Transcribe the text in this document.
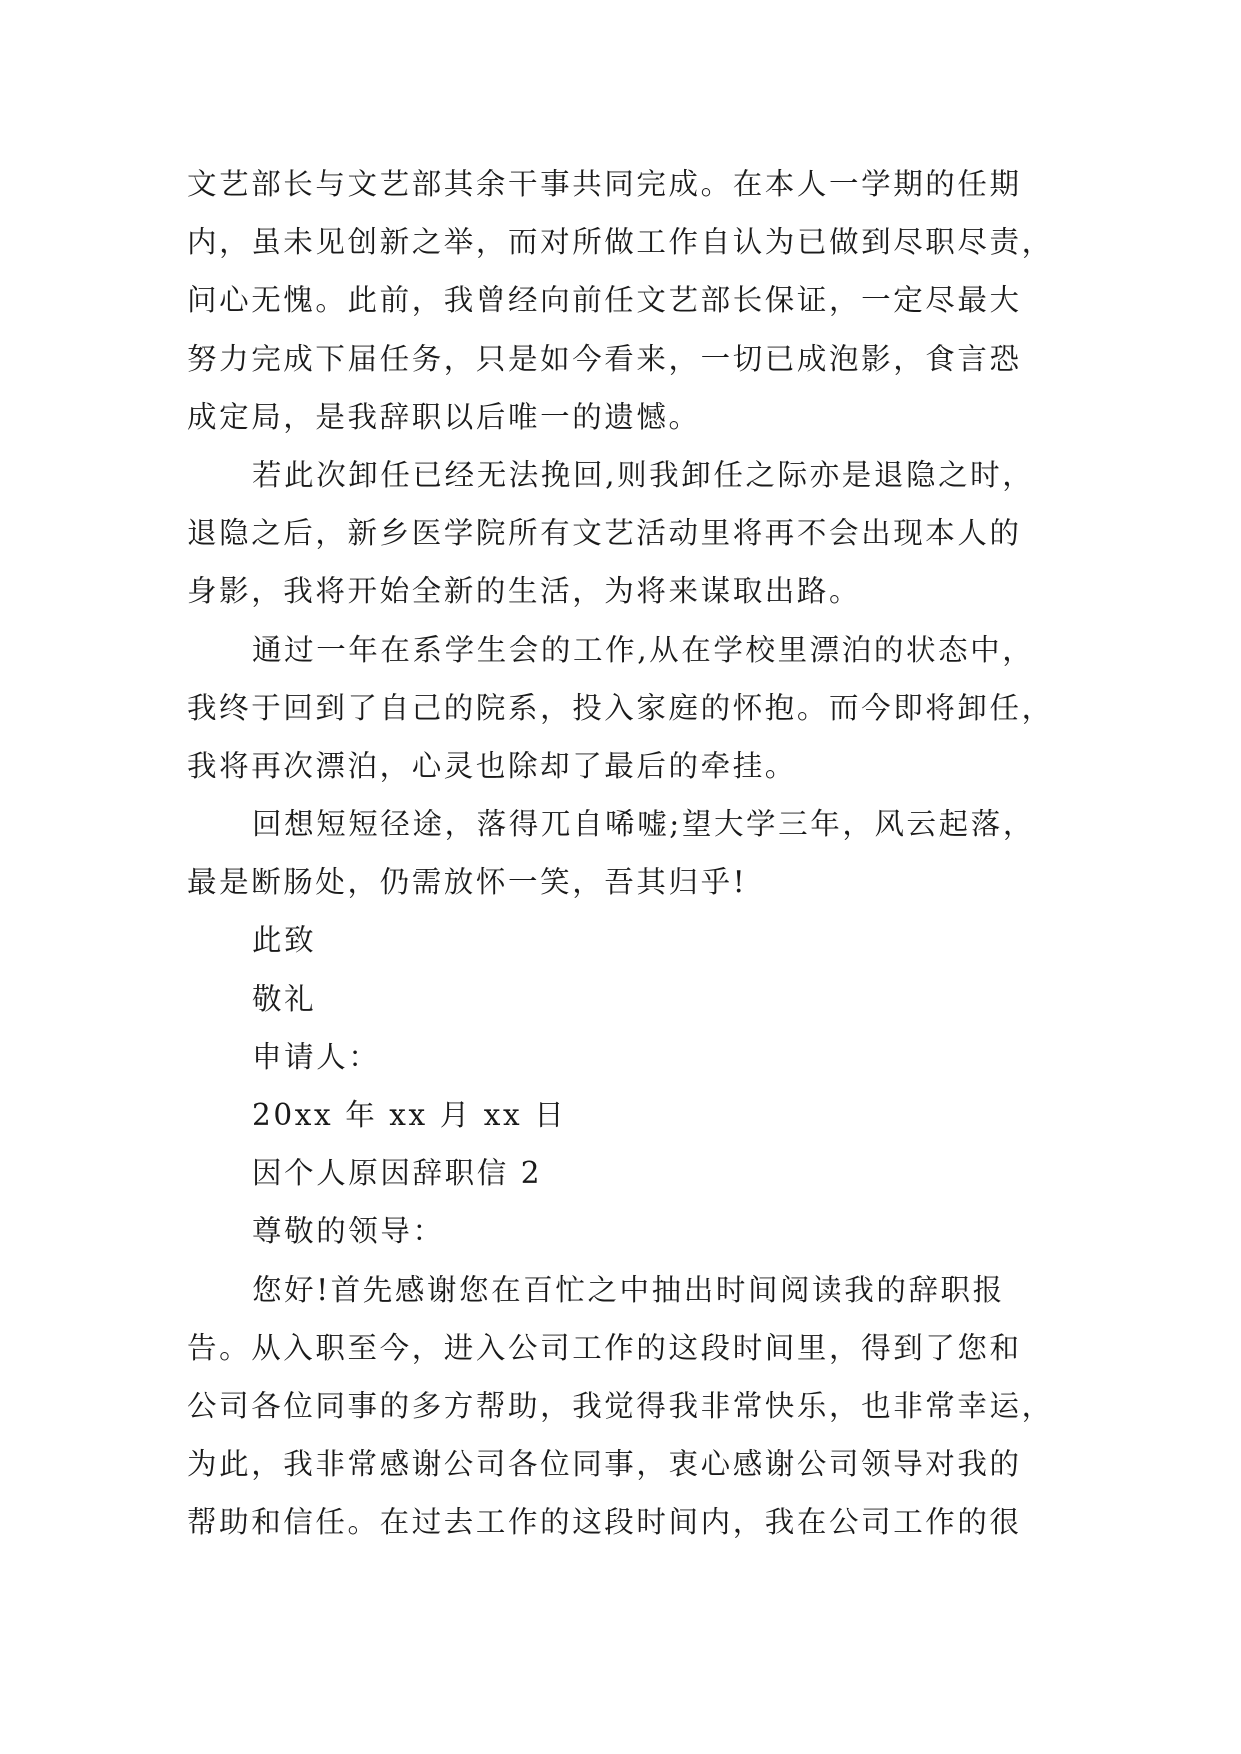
文艺部长与文艺部其余干事共同完成。在本人一学期的任期
内，虽未见创新之举，而对所做工作自认为已做到尽职尽责，
问心无愧。此前，我曾经向前任文艺部长保证，一定尽最大
努力完成下届任务，只是如今看来，一切已成泡影，食言恐
成定局，是我辞职以后唯一的遗憾。
若此次卸任已经无法挽回,则我卸任之际亦是退隐之时，
退隐之后，新乡医学院所有文艺活动里将再不会出现本人的
身影，我将开始全新的生活，为将来谋取出路。
通过一年在系学生会的工作,从在学校里漂泊的状态中，
我终于回到了自己的院系，投入家庭的怀抱。而今即将卸任，
我将再次漂泊，心灵也除却了最后的牵挂。
回想短短径途，落得兀自唏嘘;望大学三年，风云起落，
最是断肠处，仍需放怀一笑，吾其归乎!
此致
敬礼
申请人：
20xx 年 xx 月 xx 日
因个人原因辞职信 2
尊敬的领导：
您好!首先感谢您在百忙之中抽出时间阅读我的辞职报
告。从入职至今，进入公司工作的这段时间里，得到了您和
公司各位同事的多方帮助，我觉得我非常快乐，也非常幸运，
为此，我非常感谢公司各位同事，衷心感谢公司领导对我的
帮助和信任。在过去工作的这段时间内，我在公司工作的很
